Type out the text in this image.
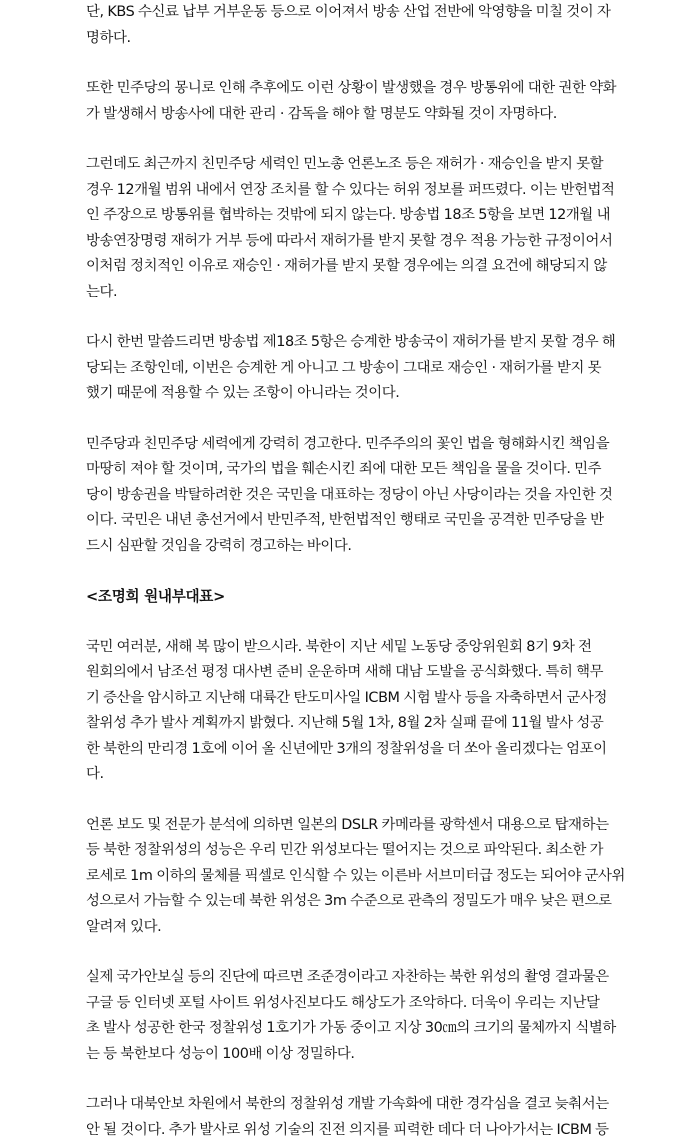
단, KBS 수신료 납부 거부운동 등으로 이어져서 방송 산업 전반에 악영향을 미칠 것이 자
명하다.
또한 민주당의 몽니로 인해 추후에도 이런 상황이 발생했을 경우 방통위에 대한 권한 약화
가 발생해서 방송사에 대한 관리 · 감독을 해야 할 명분도 약화될 것이 자명하다.
그런데도 최근까지 친민주당 세력인 민노총 언론노조 등은 재허가 · 재승인을 받지 못할
경우 12개월 범위 내에서 연장 조치를 할 수 있다는 허위 정보를 퍼뜨렸다. 이는 반헌법적
인 주장으로 방통위를 협박하는 것밖에 되지 않는다. 방송법 18조 5항을 보면 12개월 내
방송연장명령 재허가 거부 등에 따라서 재허가를 받지 못할 경우 적용 가능한 규정이어서
이처럼 정치적인 이유로 재승인 · 재허가를 받지 못할 경우에는 의결 요건에 해당되지 않
는다.
다시 한번 말씀드리면 방송법 제18조 5항은 승계한 방송국이 재허가를 받지 못할 경우 해
당되는 조항인데, 이번은 승계한 게 아니고 그 방송이 그대로 재승인 · 재허가를 받지 못
했기 때문에 적용할 수 있는 조항이 아니라는 것이다.
민주당과 친민주당 세력에게 강력히 경고한다. 민주주의의 꽃인 법을 형해화시킨 책임을
마땅히 져야 할 것이며, 국가의 법을 훼손시킨 죄에 대한 모든 책임을 물을 것이다. 민주
당이 방송권을 박탈하려한 것은 국민을 대표하는 정당이 아닌 사당이라는 것을 자인한 것
이다. 국민은 내년 총선거에서 반민주적, 반헌법적인 행태로 국민을 공격한 민주당을 반
드시 심판할 것임을 강력히 경고하는 바이다.
<조명희 원내부대표>
국민 여러분, 새해 복 많이 받으시라. 북한이 지난 세밑 노동당 중앙위원회 8기 9차 전
원회의에서 남조선 평정 대사변 준비 운운하며 새해 대남 도발을 공식화했다. 특히 핵무
기 증산을 암시하고 지난해 대륙간 탄도미사일 ICBM 시험 발사 등을 자축하면서 군사정
찰위성 추가 발사 계획까지 밝혔다. 지난해 5월 1차, 8월 2차 실패 끝에 11월 발사 성공
한 북한의 만리경 1호에 이어 올 신년에만 3개의 정찰위성을 더 쏘아 올리겠다는 엄포이
다.
언론 보도 및 전문가 분석에 의하면 일본의 DSLR 카메라를 광학센서 대용으로 탑재하는
등 북한 정찰위성의 성능은 우리 민간 위성보다는 떨어지는 것으로 파악된다. 최소한 가
로세로 1m 이하의 물체를 픽셀로 인식할 수 있는 이른바 서브미터급 정도는 되어야 군사위
성으로서 가늠할 수 있는데 북한 위성은 3m 수준으로 관측의 정밀도가 매우 낮은 편으로
알려져 있다.
실제 국가안보실 등의 진단에 따르면 조준경이라고 자찬하는 북한 위성의 촬영 결과물은
구글 등 인터넷 포털 사이트 위성사진보다도 해상도가 조악하다. 더욱이 우리는 지난달
초 발사 성공한 한국 정찰위성 1호기가 가동 중이고 지상 30㎝의 크기의 물체까지 식별하
는 등 북한보다 성능이 100배 이상 정밀하다.
그러나 대북안보 차원에서 북한의 정찰위성 개발 가속화에 대한 경각심을 결코 늦춰서는
안 될 것이다. 추가 발사로 위성 기술의 진전 의지를 피력한 데다 더 나아가서는 ICBM 등
